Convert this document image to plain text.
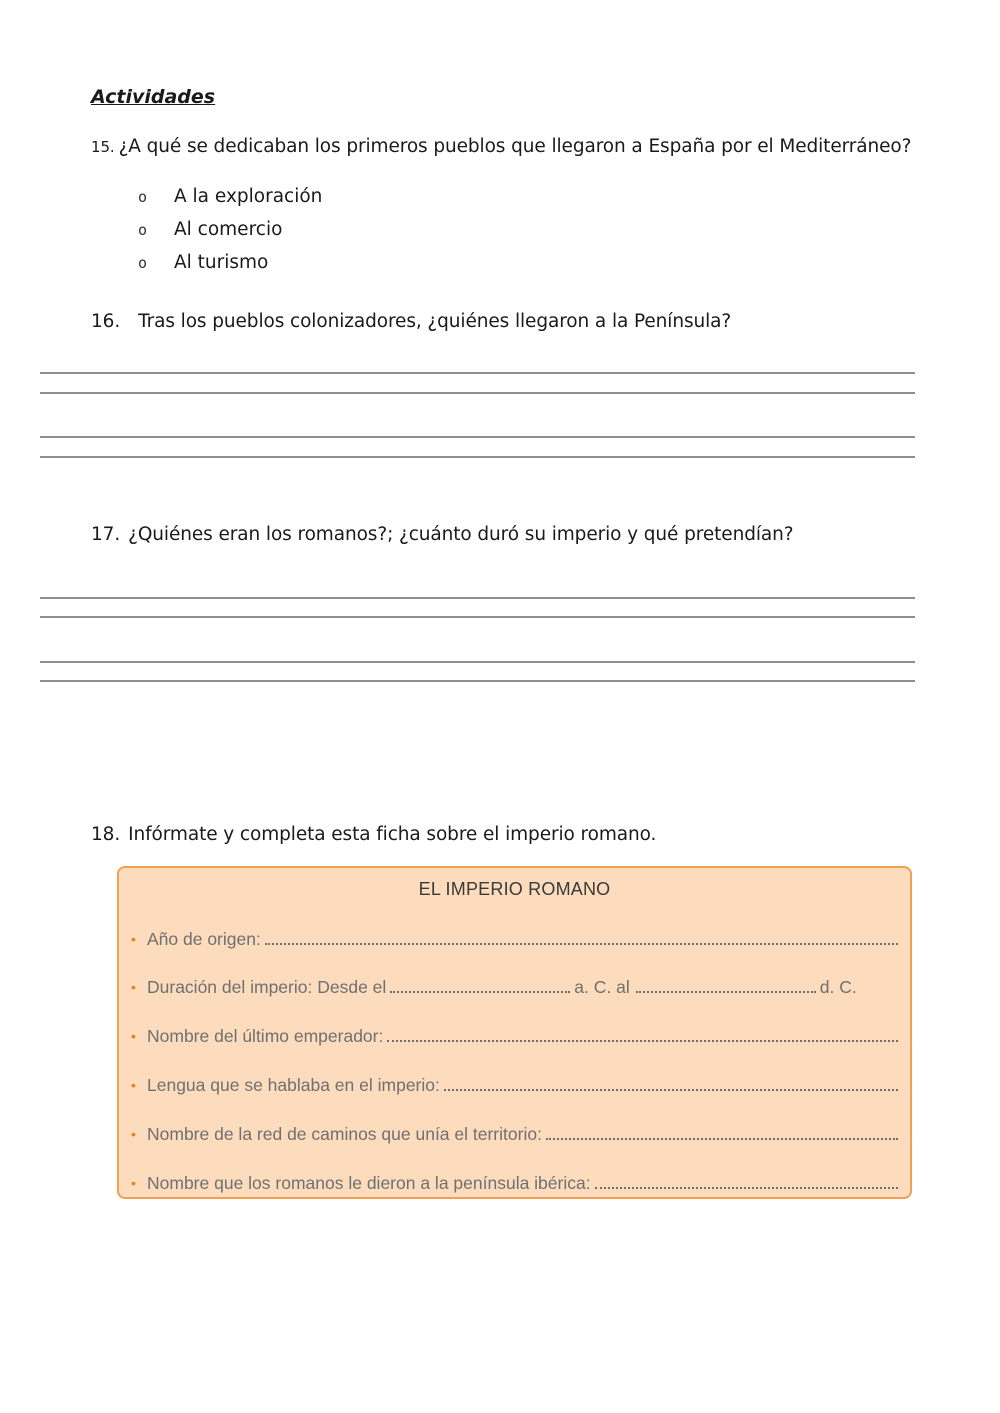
Actividades
15. ¿A qué se dedicaban los primeros pueblos que llegaron a España por el Mediterráneo?
o	A la exploración
o	Al comercio
o	Al turismo
16. Tras los pueblos colonizadores, ¿quiénes llegaron a la Península?
17. ¿Quiénes eran los romanos?; ¿cuánto duró su imperio y qué pretendían?
18. Infórmate y completa esta ficha sobre el imperio romano.
EL IMPERIO ROMANO
• Año de origen:
• Duración del imperio: Desde el	a. C. al	d. C.
• Nombre del último emperador:
• Lengua que se hablaba en el imperio:
• Nombre de la red de caminos que unía el territorio:
• Nombre que los romanos le dieron a la península ibérica:
